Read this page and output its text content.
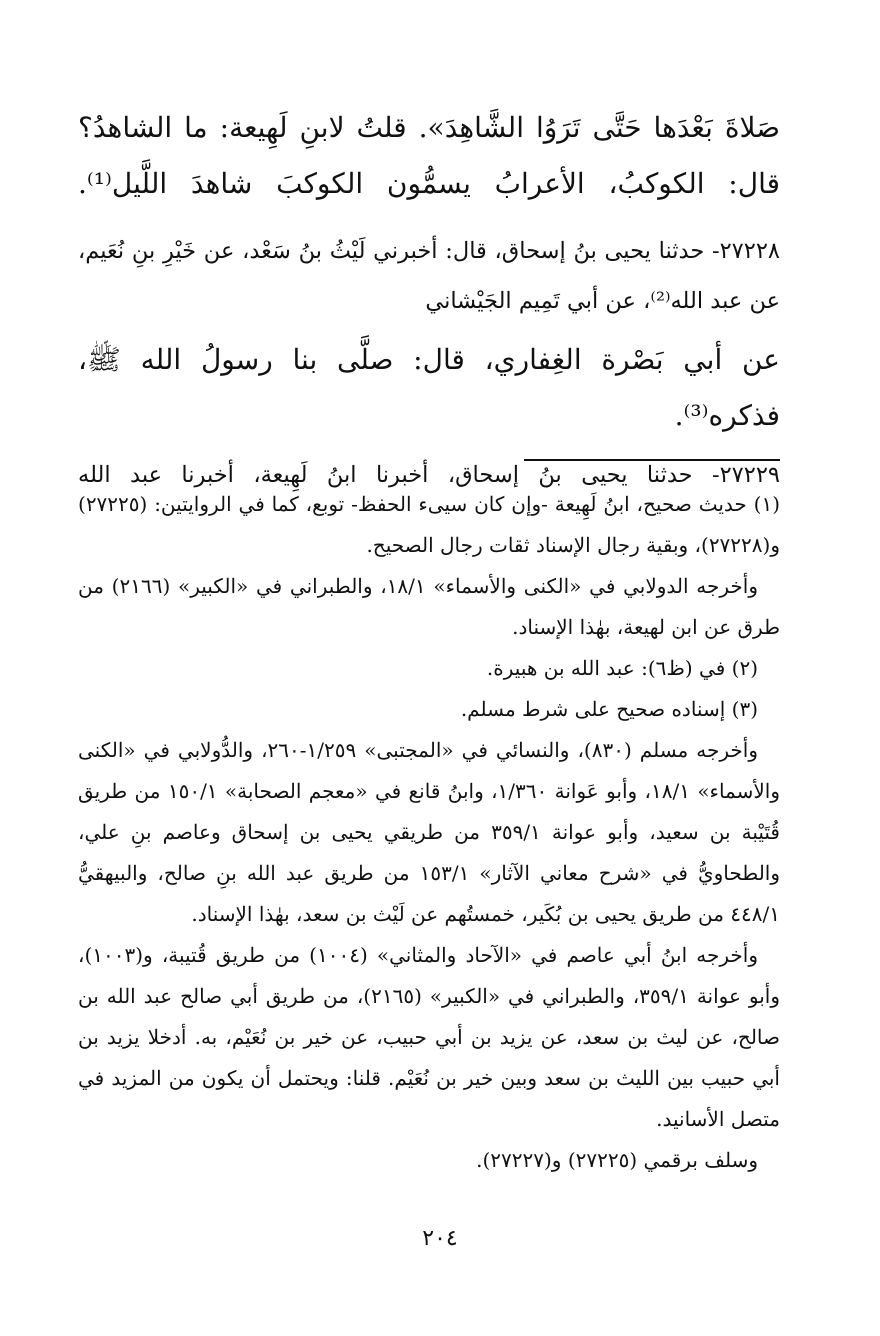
صَلاةَ بَعْدَها حَتَّى تَرَوُا الشَّاهِدَ». قلتُ لابنِ لَهِيعة: ما الشاهدُ؟ قال: الكوكبُ، الأعرابُ يسمُّون الكوكبَ شاهدَ اللَّيل⁽¹⁾.

٢٧٢٢٨- حدثنا يحيى بنُ إسحاق، قال: أخبرني لَيْثُ بنُ سَعْد، عن خَيْرِ بنِ نُعَيم، عن عبد الله⁽²⁾، عن أبي تَمِيم الجَيْشاني

عن أبي بَصْرة الغِفاري، قال: صلَّى بنا رسولُ الله ﷺ، فذكره⁽³⁾.

٢٧٢٢٩- حدثنا يحيى بنُ إسحاق، أخبرنا ابنُ لَهِيعة، أخبرنا عبد الله

(١) حديث صحيح، ابنُ لَهِيعة -وإن كان سيىء الحفظ- توبع، كما في الروايتين: (٢٧٢٢٥) و(٢٧٢٢٨)، وبقية رجال الإسناد ثقات رجال الصحيح.

وأخرجه الدولابي في «الكنى والأسماء» ١٨/١، والطبراني في «الكبير» (٢١٦٦) من طرق عن ابن لهيعة، بهٰذا الإسناد.

(٢) في (ظ٦): عبد الله بن هبيرة.

(٣) إسناده صحيح على شرط مسلم.

وأخرجه مسلم (٨٣٠)، والنسائي في «المجتبى» ١/٢٥٩-٢٦٠، والدُّولابي في «الكنى والأسماء» ١٨/١، وأبو عَوانة ١/٣٦٠، وابنُ قانع في «معجم الصحابة» ١٥٠/١ من طريق قُتَيْبة بن سعيد، وأبو عوانة ٣٥٩/١ من طريقي يحيى بن إسحاق وعاصم بنِ علي، والطحاويُّ في «شرح معاني الآثار» ١٥٣/١ من طريق عبد الله بنِ صالح، والبيهقيُّ ٤٤٨/١ من طريق يحيى بن بُكَير، خمستُهم عن لَيْث بن سعد، بهٰذا الإسناد.

وأخرجه ابنُ أبي عاصم في «الآحاد والمثاني» (١٠٠٤) من طريق قُتيبة، و(١٠٠٣)، وأبو عوانة ٣٥٩/١، والطبراني في «الكبير» (٢١٦٥)، من طريق أبي صالح عبد الله بن صالح، عن ليث بن سعد، عن يزيد بن أبي حبيب، عن خير بن نُعَيْم، به. أدخلا يزيد بن أبي حبيب بين الليث بن سعد وبين خير بن نُعَيْم. قلنا: ويحتمل أن يكون من المزيد في متصل الأسانيد.

وسلف برقمي (٢٧٢٢٥) و(٢٧٢٢٧).

٢٠٤
